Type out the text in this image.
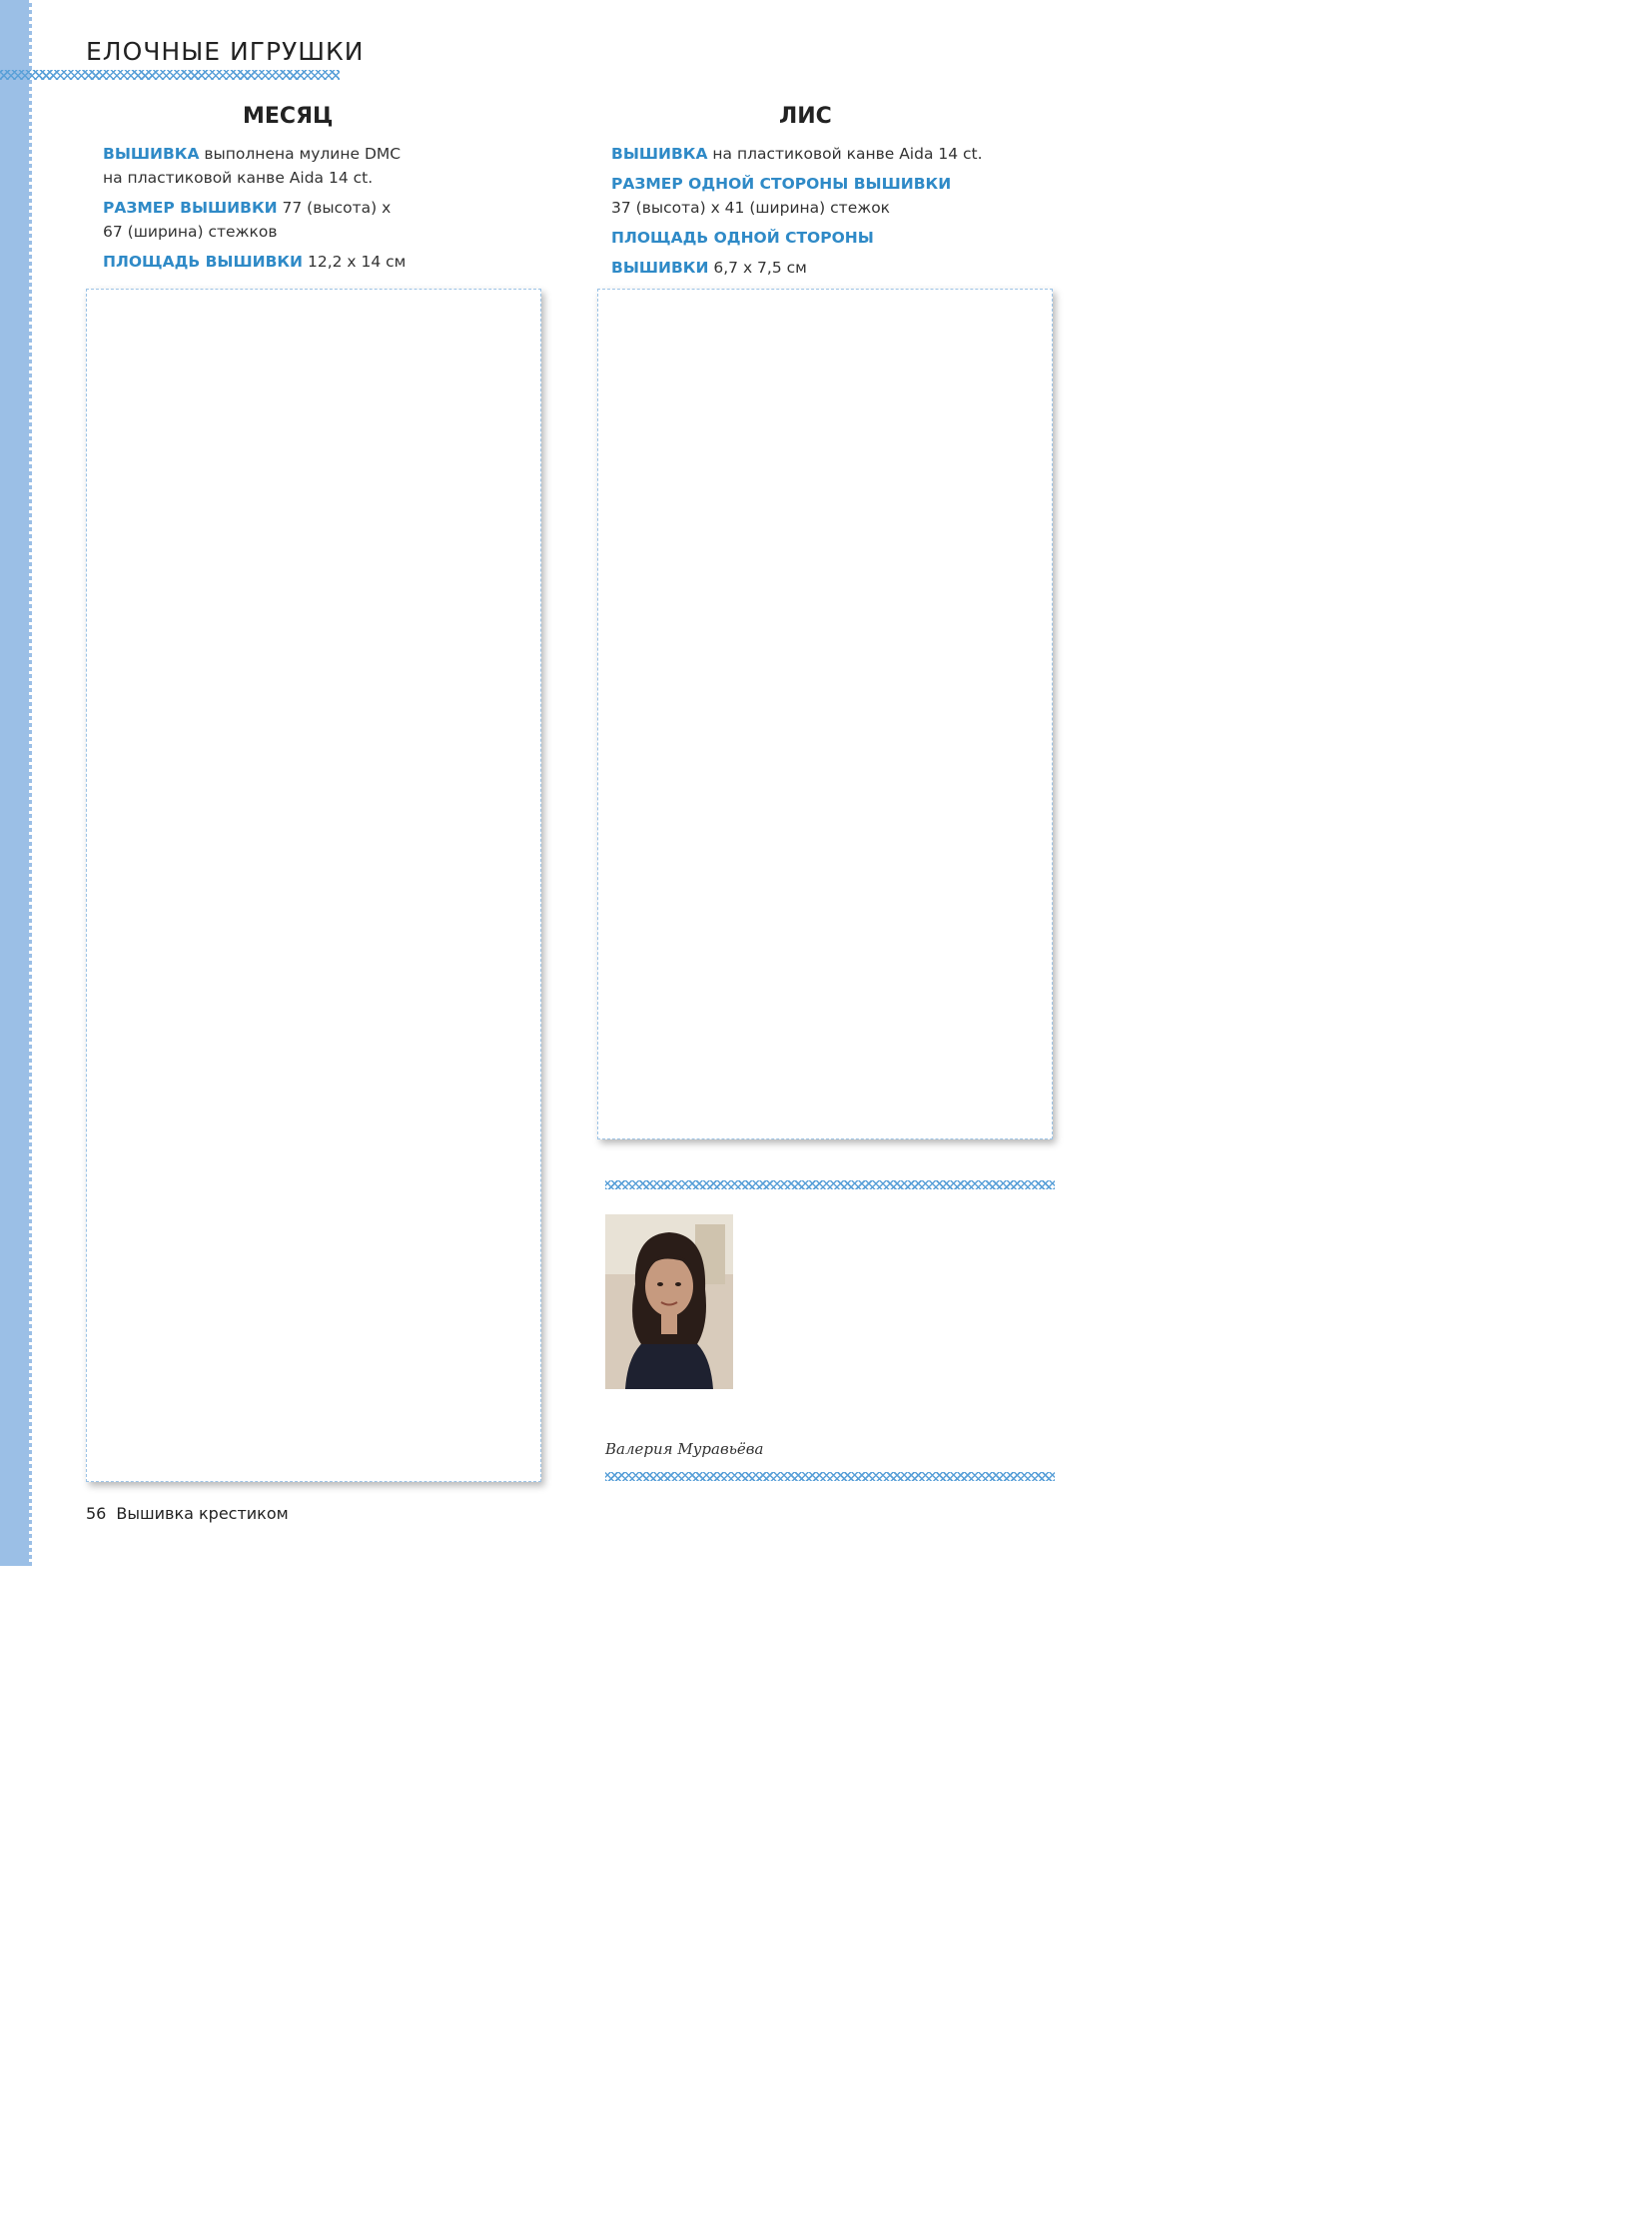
ЕЛОЧНЫЕ ИГРУШКИ
МЕСЯЦ
ВЫШИВКА выполнена мулине DMC
на пластиковой канве Aida 14 ct.
РАЗМЕР ВЫШИВКИ 77 (высота) x
67 (ширина) стежков
ПЛОЩАДЬ ВЫШИВКИ 12,2 x 14 см
ЛИС
ВЫШИВКА на пластиковой канве Aida 14 ct.
РАЗМЕР ОДНОЙ СТОРОНЫ ВЫШИВКИ
37 (высота) x 41 (ширина) стежок
ПЛОЩАДЬ ОДНОЙ СТОРОНЫ
ВЫШИВКИ 6,7 x 7,5 см
Валерия Муравьёва
56 Вышивка крестиком
